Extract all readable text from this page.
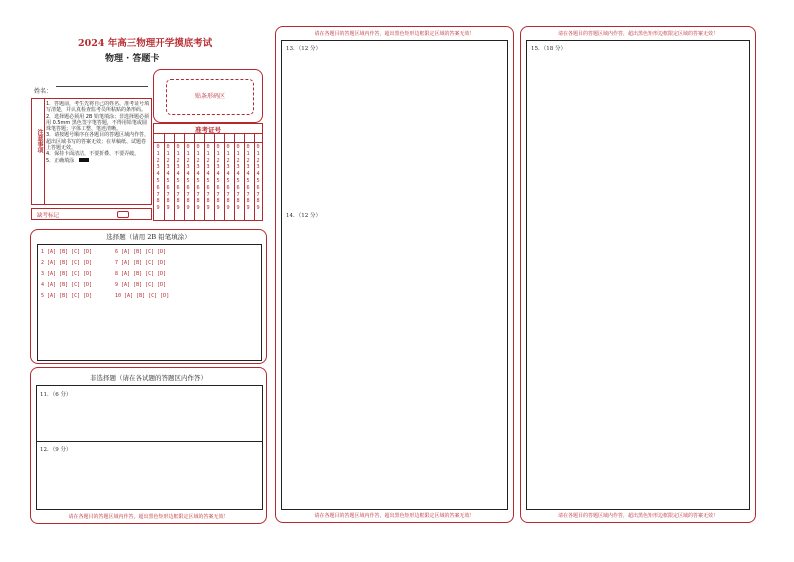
2024 年高三物理开学摸底考试
物理 · 答题卡
姓名：
贴条形码区
注意事项
1．答题前，考生先将自己的姓名、准考证号填写清楚，并认真检查监考员所粘贴的条形码。
2．选择题必须用 2B 铅笔填涂；非选择题必须用 0.5mm 黑色签字笔答题，不得用铅笔或圆珠笔答题；字体工整、笔迹清晰。
3．请按题号顺序在各题目的答题区域内作答，超出区域书写的答案无效；在草稿纸、试题卷上答题无效。
4．保持卡面清洁，不要折叠、不要弄破。
5．正确填涂
准考证号
0
1
2
3
4
5
6
7
8
9
0
1
2
3
4
5
6
7
8
9
0
1
2
3
4
5
6
7
8
9
0
1
2
3
4
5
6
7
8
9
0
1
2
3
4
5
6
7
8
9
0
1
2
3
4
5
6
7
8
9
0
1
2
3
4
5
6
7
8
9
0
1
2
3
4
5
6
7
8
9
0
1
2
3
4
5
6
7
8
9
0
1
2
3
4
5
6
7
8
9
0
1
2
3
4
5
6
7
8
9
缺考标记
选择题（请用 2B 铅笔填涂）
1 [A] [B] [C] [D]
2 [A] [B] [C] [D]
3 [A] [B] [C] [D]
4 [A] [B] [C] [D]
5 [A] [B] [C] [D]
6 [A] [B] [C] [D]
7 [A] [B] [C] [D]
8 [A] [B] [C] [D]
9 [A] [B] [C] [D]
10 [A] [B] [C] [D]
非选择题（请在各试题的答题区内作答）
11．（6 分）
12．（9 分）
请在各题目的答题区域内作答，超出黑色矩形边框限定区域的答案无效！
请在各题目的答题区域内作答，超出黑色矩形边框限定区域的答案无效！
13．（12 分）
14．（12 分）
请在各题目的答题区域内作答，超出黑色矩形边框限定区域的答案无效！
请在各题目的答题区域内作答，超出黑色矩形边框限定区域的答案无效！
15．（18 分）
请在各题目的答题区域内作答，超出黑色矩形边框限定区域的答案无效！
